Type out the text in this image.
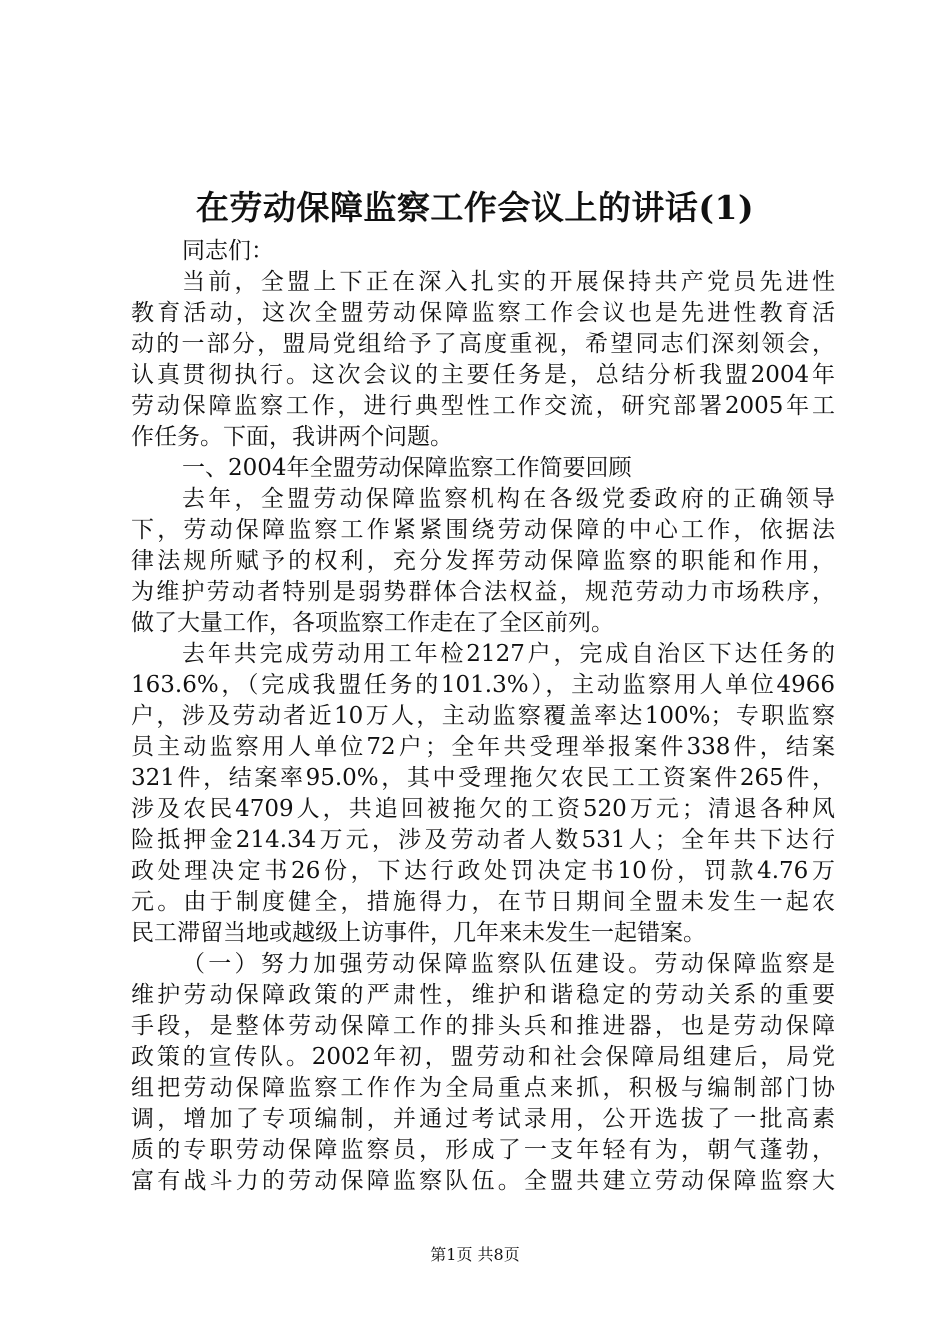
在劳动保障监察工作会议上的讲话(1)
同志们：
当前，全盟上下正在深入扎实的开展保持共产党员先进性
教育活动，这次全盟劳动保障监察工作会议也是先进性教育活
动的一部分，盟局党组给予了高度重视，希望同志们深刻领会，
认真贯彻执行。这次会议的主要任务是，总结分析我盟2004年
劳动保障监察工作，进行典型性工作交流，研究部署2005年工
作任务。下面，我讲两个问题。
一、2004年全盟劳动保障监察工作简要回顾
去年，全盟劳动保障监察机构在各级党委政府的正确领导
下，劳动保障监察工作紧紧围绕劳动保障的中心工作，依据法
律法规所赋予的权利，充分发挥劳动保障监察的职能和作用，
为维护劳动者特别是弱势群体合法权益，规范劳动力市场秩序，
做了大量工作，各项监察工作走在了全区前列。
去年共完成劳动用工年检2127户，完成自治区下达任务的
163.6%，（完成我盟任务的101.3%），主动监察用人单位4966
户，涉及劳动者近10万人，主动监察覆盖率达100%；专职监察
员主动监察用人单位72户；全年共受理举报案件338件，结案
321件，结案率95.0%，其中受理拖欠农民工工资案件265件，
涉及农民4709人，共追回被拖欠的工资520万元；清退各种风
险抵押金214.34万元，涉及劳动者人数531人；全年共下达行
政处理决定书26份，下达行政处罚决定书10份，罚款4.76万
元。由于制度健全，措施得力，在节日期间全盟未发生一起农
民工滞留当地或越级上访事件，几年来未发生一起错案。
（一）努力加强劳动保障监察队伍建设。劳动保障监察是
维护劳动保障政策的严肃性，维护和谐稳定的劳动关系的重要
手段，是整体劳动保障工作的排头兵和推进器，也是劳动保障
政策的宣传队。2002年初，盟劳动和社会保障局组建后，局党
组把劳动保障监察工作作为全局重点来抓，积极与编制部门协
调，增加了专项编制，并通过考试录用，公开选拔了一批高素
质的专职劳动保障监察员，形成了一支年轻有为，朝气蓬勃，
富有战斗力的劳动保障监察队伍。全盟共建立劳动保障监察大
第1页 共8页
